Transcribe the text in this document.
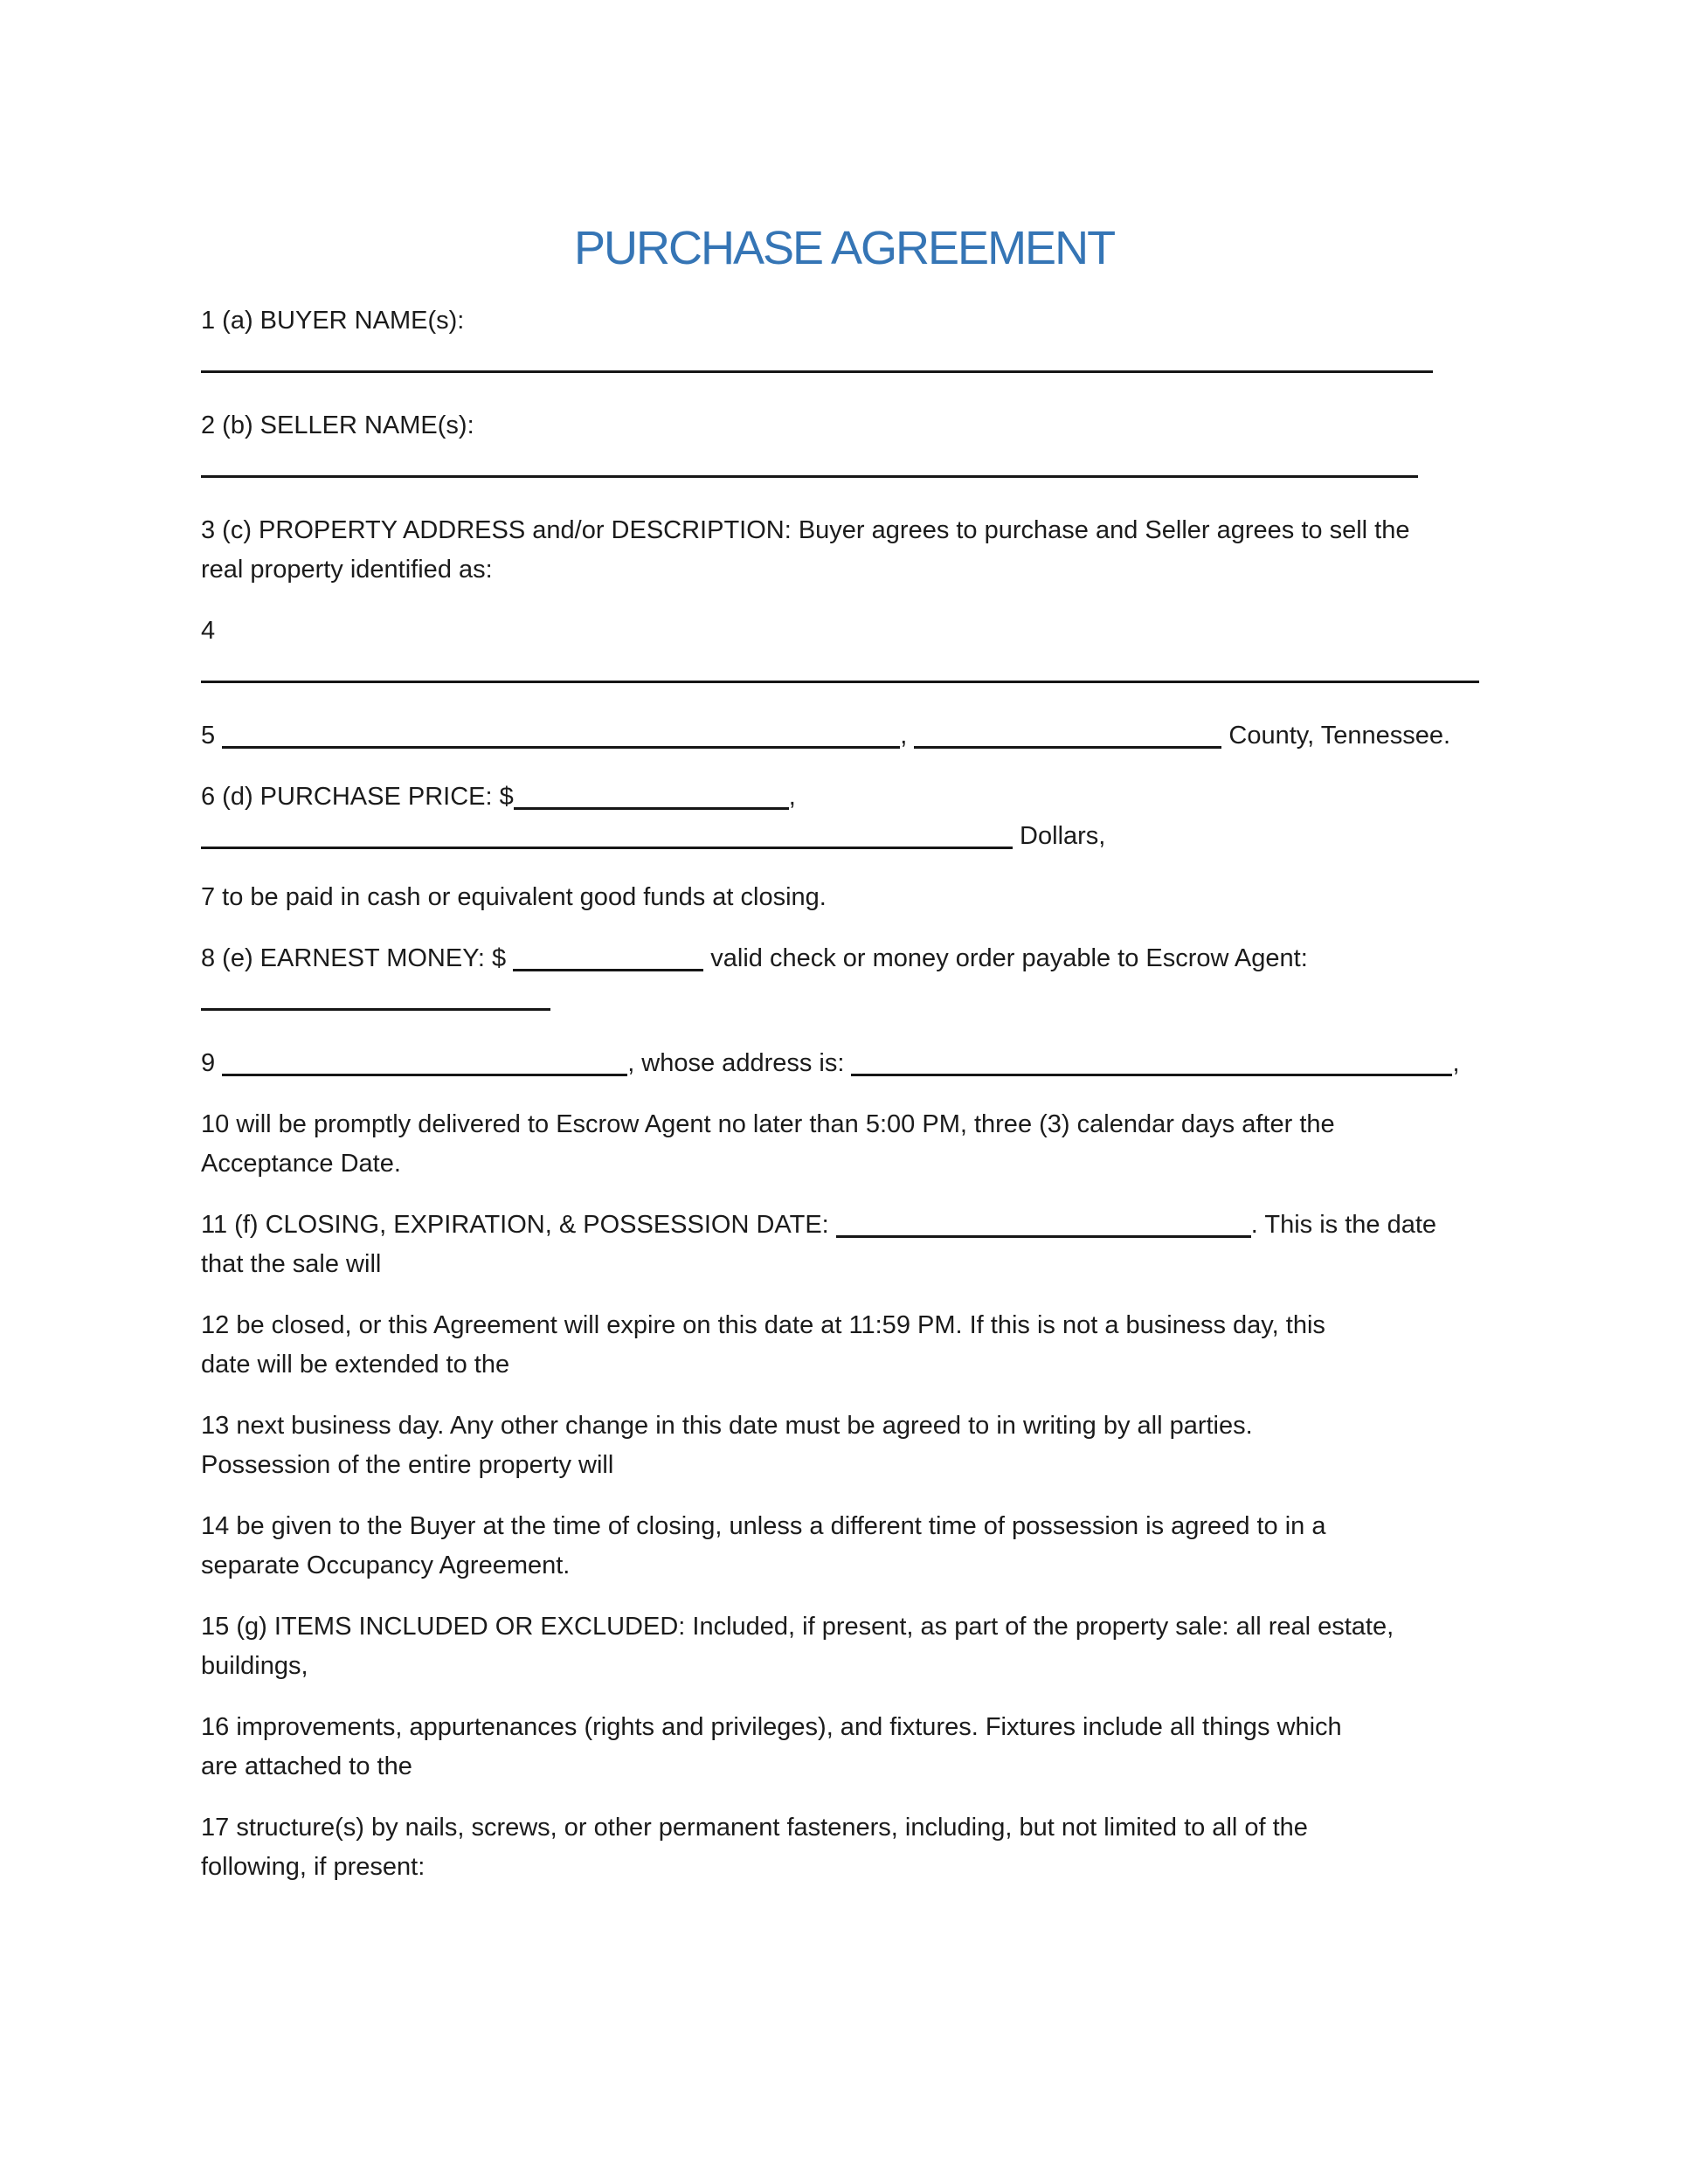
PURCHASE AGREEMENT
1 (a) BUYER NAME(s):
2 (b) SELLER NAME(s):
3 (c) PROPERTY ADDRESS and/or DESCRIPTION: Buyer agrees to purchase and Seller agrees to sell the
real property identified as:
4
5	,	County, Tennessee.
6 (d) PURCHASE PRICE: $	,
Dollars,
7 to be paid in cash or equivalent good funds at closing.
8 (e) EARNEST MONEY: $	valid check or money order payable to Escrow Agent:
9	, whose address is:	,
10 will be promptly delivered to Escrow Agent no later than 5:00 PM, three (3) calendar days after the
Acceptance Date.
11 (f) CLOSING, EXPIRATION, & POSSESSION DATE:	. This is the date
that the sale will
12 be closed, or this Agreement will expire on this date at 11:59 PM. If this is not a business day, this
date will be extended to the
13 next business day. Any other change in this date must be agreed to in writing by all parties.
Possession of the entire property will
14 be given to the Buyer at the time of closing, unless a different time of possession is agreed to in a
separate Occupancy Agreement.
15 (g) ITEMS INCLUDED OR EXCLUDED: Included, if present, as part of the property sale: all real estate,
buildings,
16 improvements, appurtenances (rights and privileges), and fixtures. Fixtures include all things which
are attached to the
17 structure(s) by nails, screws, or other permanent fasteners, including, but not limited to all of the
following, if present:
